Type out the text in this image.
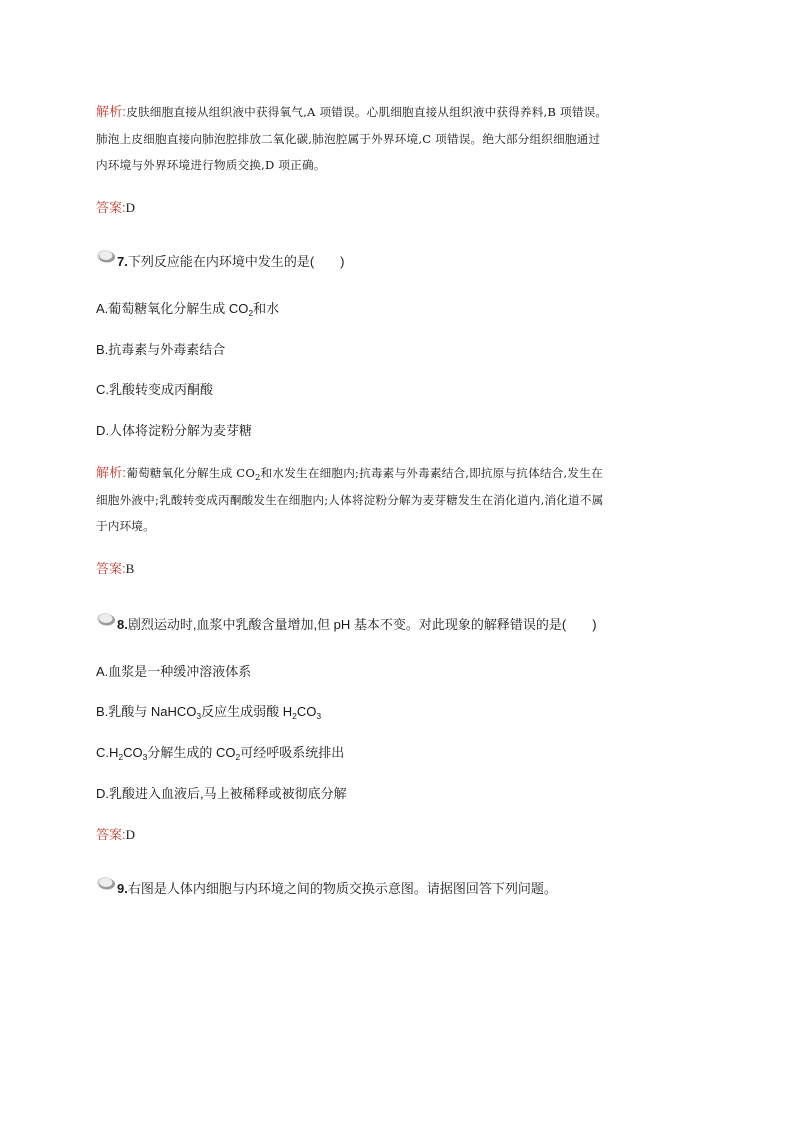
解析:皮肤细胞直接从组织液中获得氧气,A 项错误。心肌细胞直接从组织液中获得养料,B 项错误。
肺泡上皮细胞直接向肺泡腔排放二氧化碳,肺泡腔属于外界环境,C 项错误。绝大部分组织细胞通过
内环境与外界环境进行物质交换,D 项正确。
答案:D
7.下列反应能在内环境中发生的是(　　)
A.葡萄糖氧化分解生成 $CO_2$和水
B.抗毒素与外毒素结合
C.乳酸转变成丙酮酸
D.人体将淀粉分解为麦芽糖
解析:葡萄糖氧化分解生成 $CO_2$和水发生在细胞内;抗毒素与外毒素结合,即抗原与抗体结合,发生在
细胞外液中;乳酸转变成丙酮酸发生在细胞内;人体将淀粉分解为麦芽糖发生在消化道内,消化道不属
于内环境。
答案:B
8.剧烈运动时,血浆中乳酸含量增加,但 pH 基本不变。对此现象的解释错误的是(　　)
A.血浆是一种缓冲溶液体系
B.乳酸与 NaHCO$_3$反应生成弱酸 $H_2CO_3$
$C.H_2CO_3$分解生成的 $CO_2$可经呼吸系统排出
D.乳酸进入血液后,马上被稀释或被彻底分解
答案:D
9.右图是人体内细胞与内环境之间的物质交换示意图。请据图回答下列问题。
